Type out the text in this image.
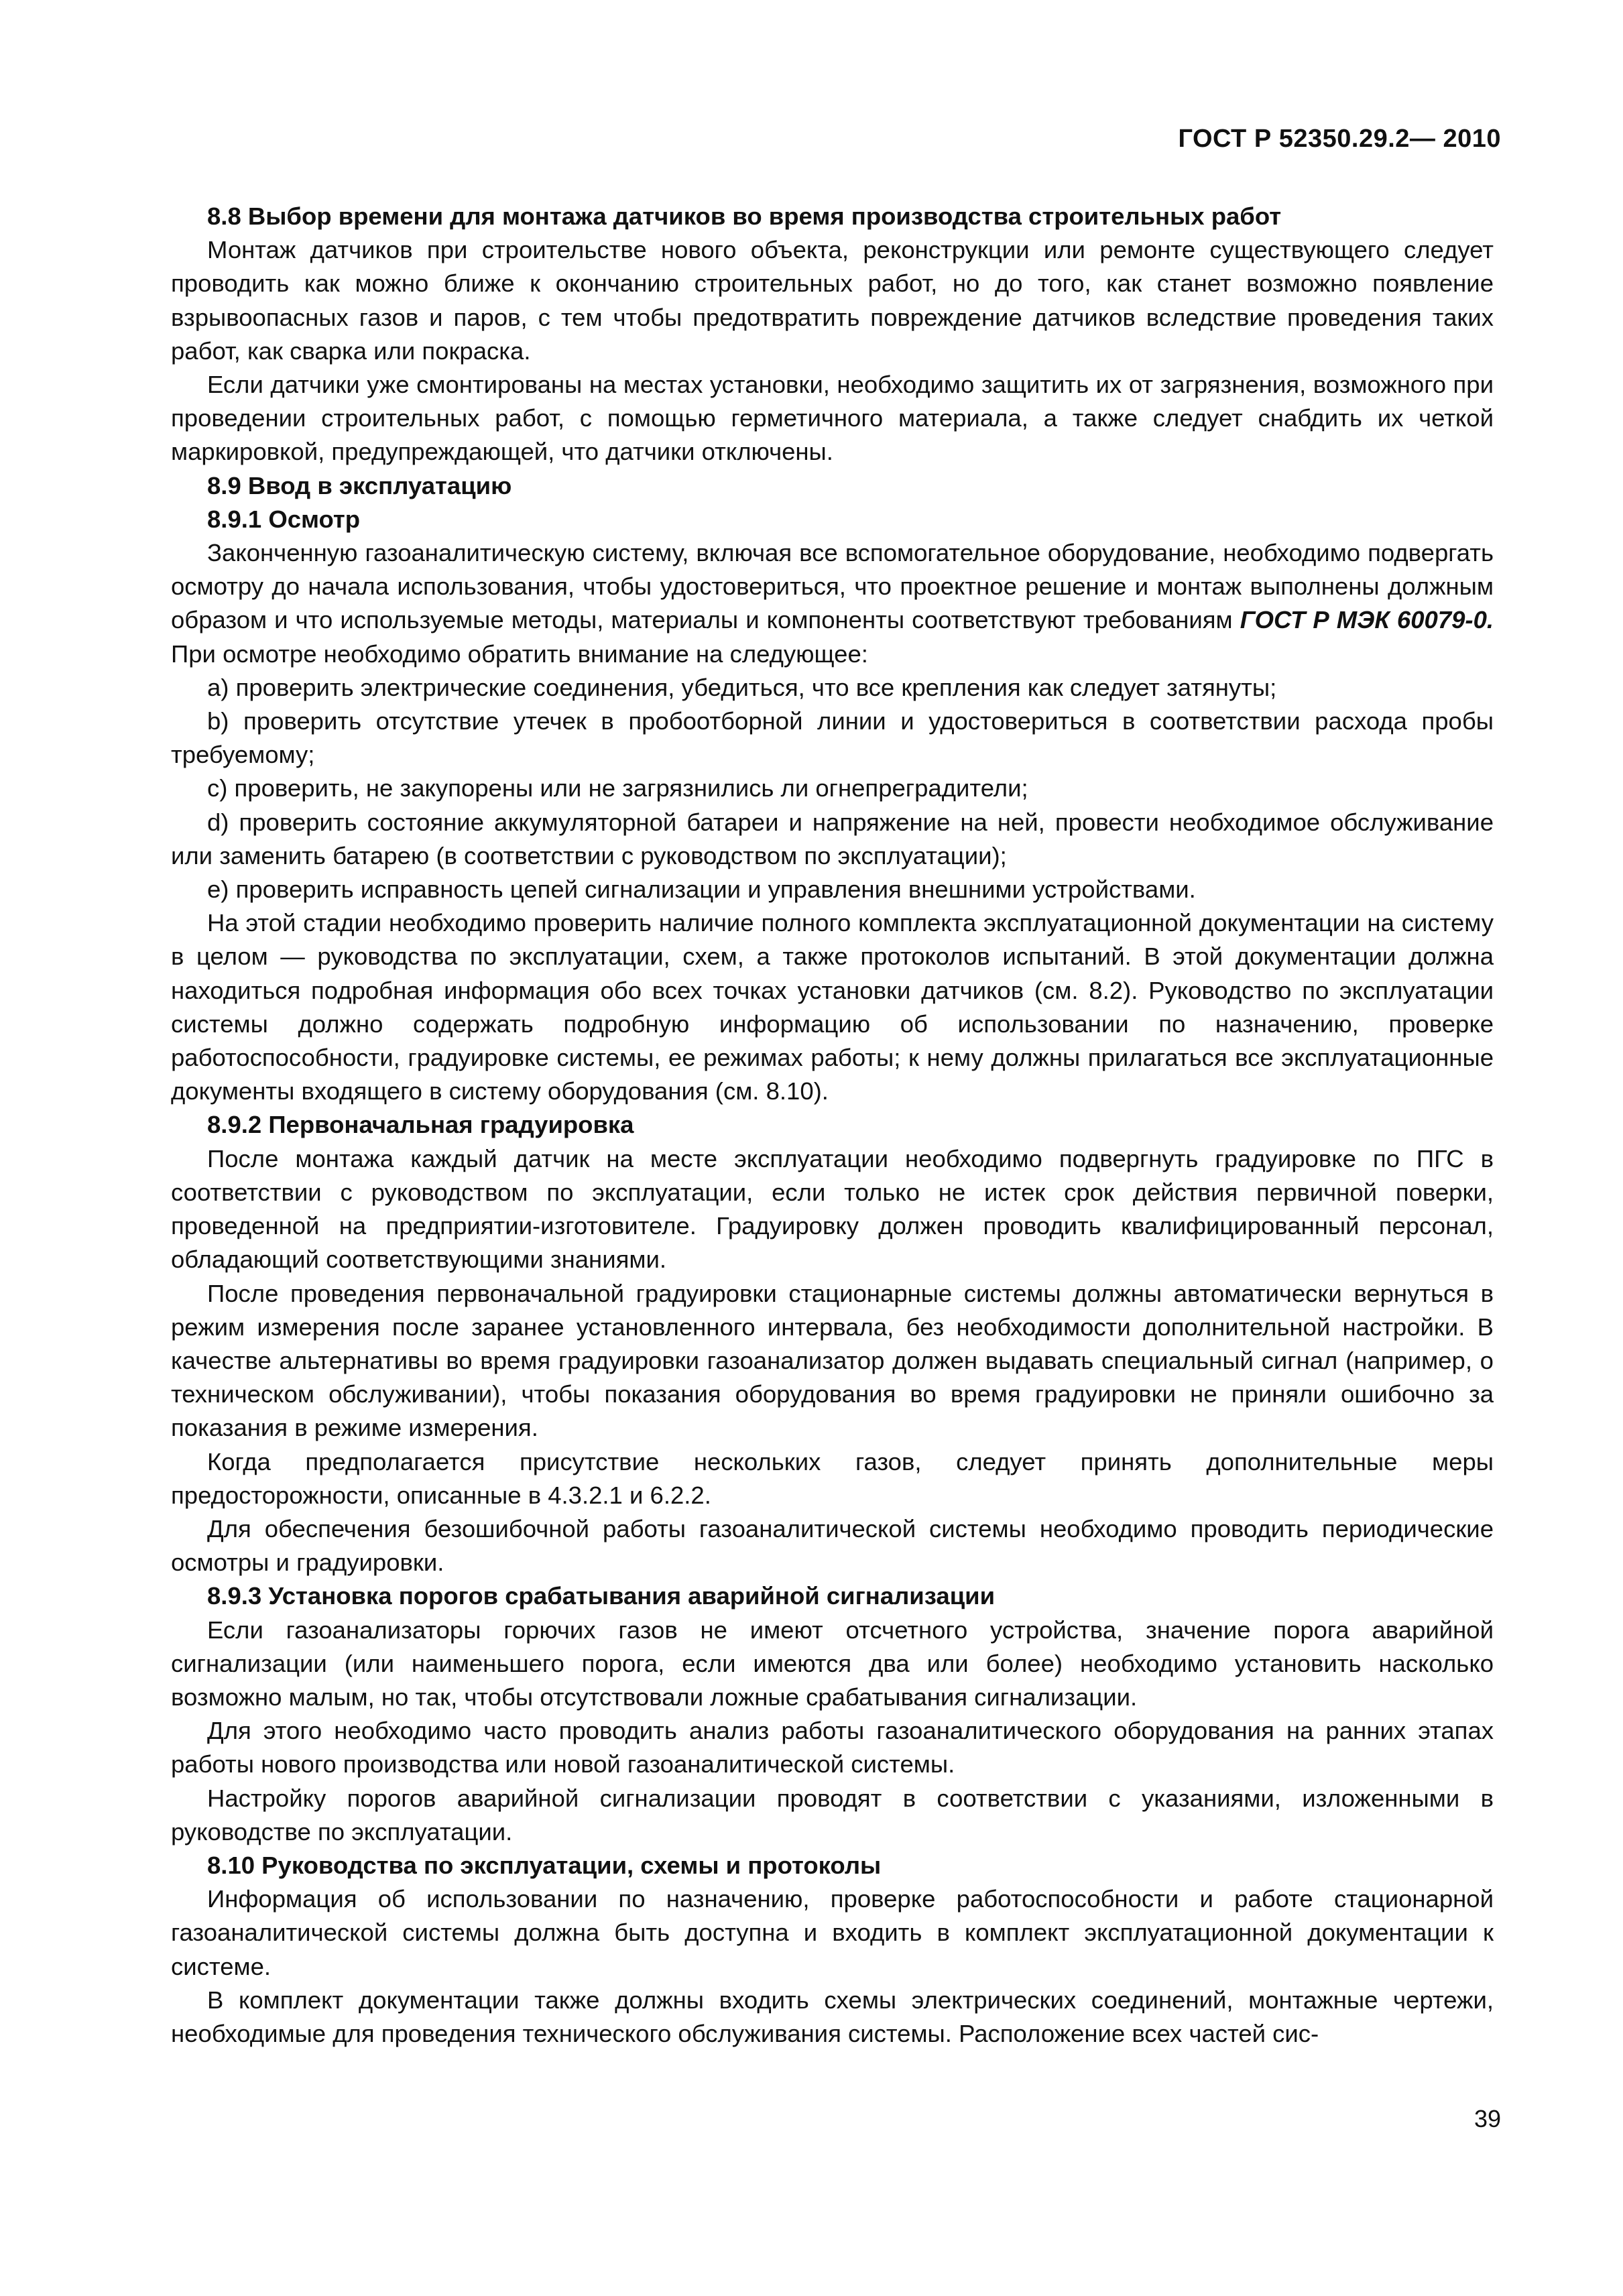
ГОСТ Р 52350.29.2— 2010

8.8 Выбор времени для монтажа датчиков во время производства строительных работ

Монтаж датчиков при строительстве нового объекта, реконструкции или ремонте существующего следует проводить как можно ближе к окончанию строительных работ, но до того, как станет возможно появление взрывоопасных газов и паров, с тем чтобы предотвратить повреждение датчиков вследствие проведения таких работ, как сварка или покраска.

Если датчики уже смонтированы на местах установки, необходимо защитить их от загрязнения, возможного при проведении строительных работ, с помощью герметичного материала, а также следует снабдить их четкой маркировкой, предупреждающей, что датчики отключены.

8.9 Ввод в эксплуатацию

8.9.1 Осмотр

Законченную газоаналитическую систему, включая все вспомогательное оборудование, необходимо подвергать осмотру до начала использования, чтобы удостовериться, что проектное решение и монтаж выполнены должным образом и что используемые методы, материалы и компоненты соответствуют требованиям ГОСТ Р МЭК 60079-0. При осмотре необходимо обратить внимание на следующее:

а) проверить электрические соединения, убедиться, что все крепления как следует затянуты;

b) проверить отсутствие утечек в пробоотборной линии и удостовериться в соответствии расхода пробы требуемому;

с) проверить, не закупорены или не загрязнились ли огнепреградители;

d) проверить состояние аккумуляторной батареи и напряжение на ней, провести необходимое обслуживание или заменить батарею (в соответствии с руководством по эксплуатации);

е) проверить исправность цепей сигнализации и управления внешними устройствами.

На этой стадии необходимо проверить наличие полного комплекта эксплуатационной документации на систему в целом — руководства по эксплуатации, схем, а также протоколов испытаний. В этой документации должна находиться подробная информация обо всех точках установки датчиков (см. 8.2). Руководство по эксплуатации системы должно содержать подробную информацию об использовании по назначению, проверке работоспособности, градуировке системы, ее режимах работы; к нему должны прилагаться все эксплуатационные документы входящего в систему оборудования (см. 8.10).

8.9.2 Первоначальная градуировка

После монтажа каждый датчик на месте эксплуатации необходимо подвергнуть градуировке по ПГС в соответствии с руководством по эксплуатации, если только не истек срок действия первичной поверки, проведенной на предприятии-изготовителе. Градуировку должен проводить квалифицированный персонал, обладающий соответствующими знаниями.

После проведения первоначальной градуировки стационарные системы должны автоматически вернуться в режим измерения после заранее установленного интервала, без необходимости дополнительной настройки. В качестве альтернативы во время градуировки газоанализатор должен выдавать специальный сигнал (например, о техническом обслуживании), чтобы показания оборудования во время градуировки не приняли ошибочно за показания в режиме измерения.

Когда предполагается присутствие нескольких газов, следует принять дополнительные меры предосторожности, описанные в 4.3.2.1 и 6.2.2.

Для обеспечения безошибочной работы газоаналитической системы необходимо проводить периодические осмотры и градуировки.

8.9.3 Установка порогов срабатывания аварийной сигнализации

Если газоанализаторы горючих газов не имеют отсчетного устройства, значение порога аварийной сигнализации (или наименьшего порога, если имеются два или более) необходимо установить насколько возможно малым, но так, чтобы отсутствовали ложные срабатывания сигнализации.

Для этого необходимо часто проводить анализ работы газоаналитического оборудования на ранних этапах работы нового производства или новой газоаналитической системы.

Настройку порогов аварийной сигнализации проводят в соответствии с указаниями, изложенными в руководстве по эксплуатации.

8.10 Руководства по эксплуатации, схемы и протоколы

Информация об использовании по назначению, проверке работоспособности и работе стационарной газоаналитической системы должна быть доступна и входить в комплект эксплуатационной документации к системе.

В комплект документации также должны входить схемы электрических соединений, монтажные чертежи, необходимые для проведения технического обслуживания системы. Расположение всех частей сис-

39
